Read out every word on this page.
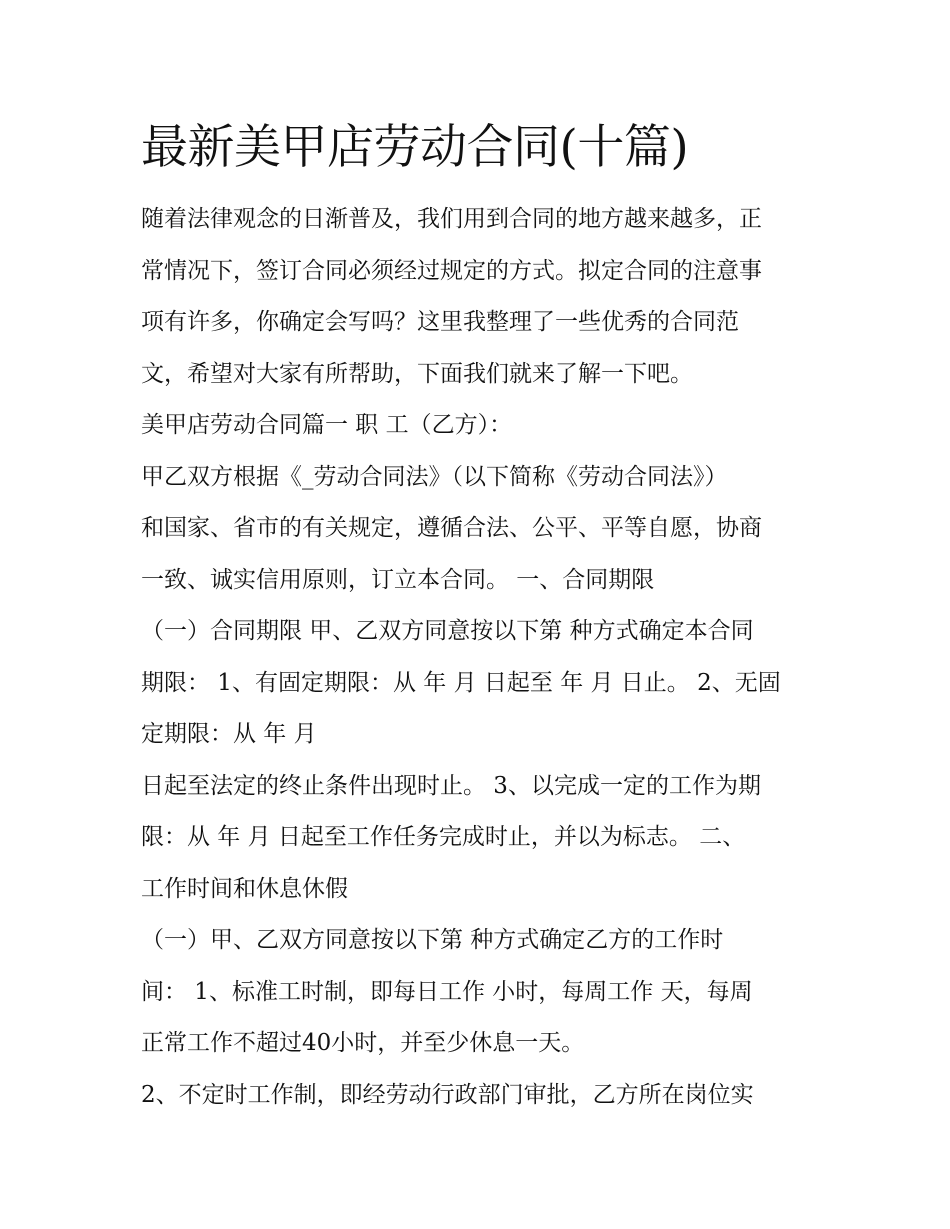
最新美甲店劳动合同(十篇)

随着法律观念的日渐普及，我们用到合同的地方越来越多，正

常情况下，签订合同必须经过规定的方式。拟定合同的注意事

项有许多，你确定会写吗？这里我整理了一些优秀的合同范

文，希望对大家有所帮助，下面我们就来了解一下吧。

美甲店劳动合同篇一 职 工（乙方）：

甲乙双方根据《_劳动合同法》（以下简称《劳动合同法》）

和国家、省市的有关规定，遵循合法、公平、平等自愿，协商

一致、诚实信用原则，订立本合同。 一、合同期限

（一）合同期限 甲、乙双方同意按以下第 种方式确定本合同

期限： 1、有固定期限：从 年 月 日起至 年 月 日止。 2、无固

定期限：从 年 月

日起至法定的终止条件出现时止。 3、以完成一定的工作为期

限：从 年 月 日起至工作任务完成时止，并以为标志。 二、

工作时间和休息休假

（一）甲、乙双方同意按以下第 种方式确定乙方的工作时

间： 1、标准工时制，即每日工作 小时，每周工作 天，每周

正常工作不超过40小时，并至少休息一天。

2、不定时工作制，即经劳动行政部门审批，乙方所在岗位实
